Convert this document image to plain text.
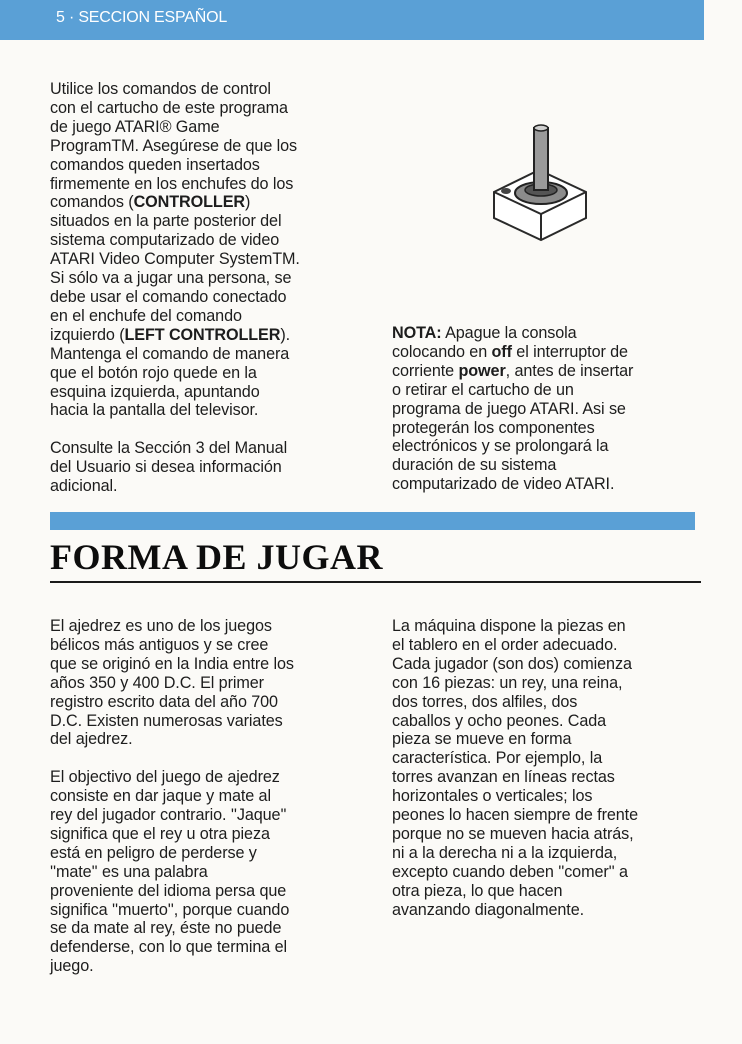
5 · SECCION ESPAÑOL

Utilice los comandos de control
con el cartucho de este programa
de juego ATARI® Game
ProgramTM. Asegúrese de que los
comandos queden insertados
firmemente en los enchufes do los
comandos (CONTROLLER)
situados en la parte posterior del
sistema computarizado de video
ATARI Video Computer SystemTM.
Si sólo va a jugar una persona, se
debe usar el comando conectado
en el enchufe del comando
izquierdo (LEFT CONTROLLER).
Mantenga el comando de manera
que el botón rojo quede en la
esquina izquierda, apuntando
hacia la pantalla del televisor.

Consulte la Sección 3 del Manual
del Usuario si desea información
adicional.

NOTA: Apague la consola
colocando en off el interruptor de
corriente power, antes de insertar
o retirar el cartucho de un
programa de juego ATARI. Asi se
protegerán los componentes
electrónicos y se prolongará la
duración de su sistema
computarizado de video ATARI.

FORMA DE JUGAR

El ajedrez es uno de los juegos
bélicos más antiguos y se cree
que se originó en la India entre los
años 350 y 400 D.C. El primer
registro escrito data del año 700
D.C. Existen numerosas variates
del ajedrez.

El objectivo del juego de ajedrez
consiste en dar jaque y mate al
rey del jugador contrario. ''Jaque''
significa que el rey u otra pieza
está en peligro de perderse y
''mate'' es una palabra
proveniente del idioma persa que
significa ''muerto'', porque cuando
se da mate al rey, éste no puede
defenderse, con lo que termina el
juego.

La máquina dispone la piezas en
el tablero en el order adecuado.
Cada jugador (son dos) comienza
con 16 piezas: un rey, una reina,
dos torres, dos alfiles, dos
caballos y ocho peones. Cada
pieza se mueve en forma
característica. Por ejemplo, la
torres avanzan en líneas rectas
horizontales o verticales; los
peones lo hacen siempre de frente
porque no se mueven hacia atrás,
ni a la derecha ni a la izquierda,
excepto cuando deben ''comer'' a
otra pieza, lo que hacen
avanzando diagonalmente.
